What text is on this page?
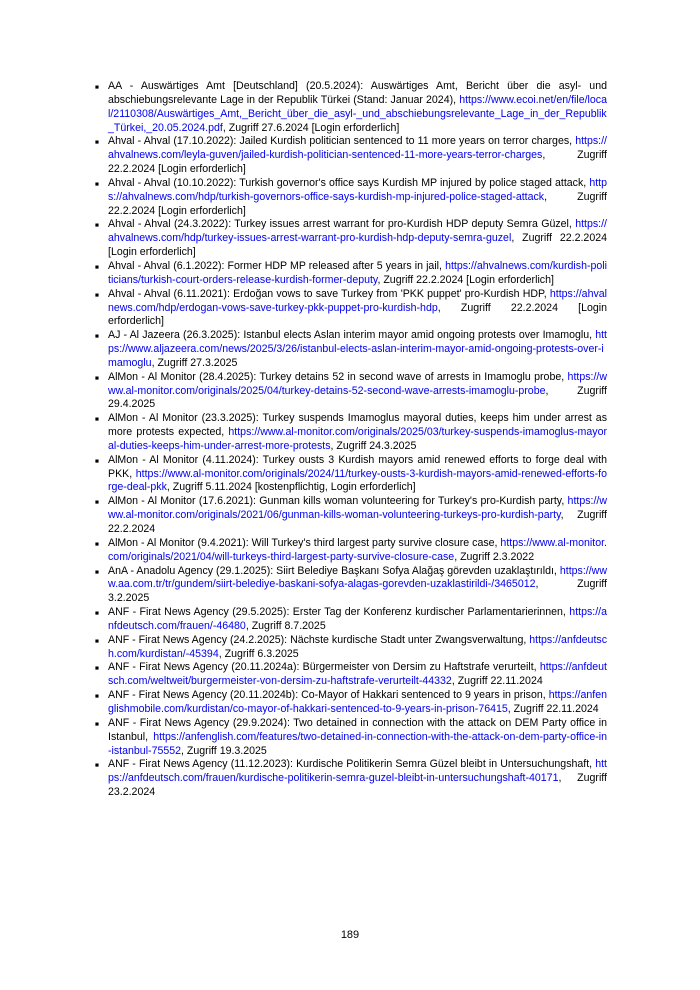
■ AA - Auswärtiges Amt [Deutschland] (20.5.2024): Auswärtiges Amt, Bericht über die asyl- und abschiebungsrelevante Lage in der Republik Türkei (Stand: Januar 2024), https://www.ecoi.net/en/file/local/2110308/Auswärtiges_Amt,_Bericht_über_die_asyl-_und_abschiebungsrelevante_Lage_in_der_Republik_Türkei,_20.05.2024.pdf, Zugriff 27.6.2024 [Login erforderlich]
■ Ahval - Ahval (17.10.2022): Jailed Kurdish politician sentenced to 11 more years on terror charges, https://ahvalnews.com/leyla-guven/jailed-kurdish-politician-sentenced-11-more-years-terror-charges, Zugriff 22.2.2024 [Login erforderlich]
■ Ahval - Ahval (10.10.2022): Turkish governor's office says Kurdish MP injured by police staged attack, https://ahvalnews.com/hdp/turkish-governors-office-says-kurdish-mp-injured-police-staged-attack, Zugriff 22.2.2024 [Login erforderlich]
■ Ahval - Ahval (24.3.2022): Turkey issues arrest warrant for pro-Kurdish HDP deputy Semra Güzel, https://ahvalnews.com/hdp/turkey-issues-arrest-warrant-pro-kurdish-hdp-deputy-semra-guzel, Zugriff 22.2.2024 [Login erforderlich]
■ Ahval - Ahval (6.1.2022): Former HDP MP released after 5 years in jail, https://ahvalnews.com/kurdish-politicians/turkish-court-orders-release-kurdish-former-deputy, Zugriff 22.2.2024 [Login erforderlich]
■ Ahval - Ahval (6.11.2021): Erdoğan vows to save Turkey from 'PKK puppet' pro-Kurdish HDP, https://ahvalnews.com/hdp/erdogan-vows-save-turkey-pkk-puppet-pro-kurdish-hdp, Zugriff 22.2.2024 [Login erforderlich]
■ AJ - Al Jazeera (26.3.2025): Istanbul elects Aslan interim mayor amid ongoing protests over Imamoglu, https://www.aljazeera.com/news/2025/3/26/istanbul-elects-aslan-interim-mayor-amid-ongoing-protests-over-imamoglu, Zugriff 27.3.2025
■ AlMon - Al Monitor (28.4.2025): Turkey detains 52 in second wave of arrests in Imamoglu probe, https://www.al-monitor.com/originals/2025/04/turkey-detains-52-second-wave-arrests-imamoglu-probe, Zugriff 29.4.2025
■ AlMon - Al Monitor (23.3.2025): Turkey suspends Imamoglus mayoral duties, keeps him under arrest as more protests expected, https://www.al-monitor.com/originals/2025/03/turkey-suspends-imamoglus-mayoral-duties-keeps-him-under-arrest-more-protests, Zugriff 24.3.2025
■ AlMon - Al Monitor (4.11.2024): Turkey ousts 3 Kurdish mayors amid renewed efforts to forge deal with PKK, https://www.al-monitor.com/originals/2024/11/turkey-ousts-3-kurdish-mayors-amid-renewed-efforts-forge-deal-pkk, Zugriff 5.11.2024 [kostenpflichtig, Login erforderlich]
■ AlMon - Al Monitor (17.6.2021): Gunman kills woman volunteering for Turkey's pro-Kurdish party, https://www.al-monitor.com/originals/2021/06/gunman-kills-woman-volunteering-turkeys-pro-kurdish-party, Zugriff 22.2.2024
■ AlMon - Al Monitor (9.4.2021): Will Turkey's third largest party survive closure case, https://www.al-monitor.com/originals/2021/04/will-turkeys-third-largest-party-survive-closure-case, Zugriff 2.3.2022
■ AnA - Anadolu Agency (29.1.2025): Siirt Belediye Başkanı Sofya Alağaş görevden uzaklaştırıldı, https://www.aa.com.tr/tr/gundem/siirt-belediye-baskani-sofya-alagas-gorevden-uzaklastirildi-/3465012, Zugriff 3.2.2025
■ ANF - Firat News Agency (29.5.2025): Erster Tag der Konferenz kurdischer Parlamentarierinnen, https://anfdeutsch.com/frauen/-46480, Zugriff 8.7.2025
■ ANF - Firat News Agency (24.2.2025): Nächste kurdische Stadt unter Zwangsverwaltung, https://anfdeutsch.com/kurdistan/-45394, Zugriff 6.3.2025
■ ANF - Firat News Agency (20.11.2024a): Bürgermeister von Dersim zu Haftstrafe verurteilt, https://anfdeutsch.com/weltweit/burgermeister-von-dersim-zu-haftstrafe-verurteilt-44332, Zugriff 22.11.2024
■ ANF - Firat News Agency (20.11.2024b): Co-Mayor of Hakkari sentenced to 9 years in prison, https://anfenglishmobile.com/kurdistan/co-mayor-of-hakkari-sentenced-to-9-years-in-prison-76415, Zugriff 22.11.2024
■ ANF - Firat News Agency (29.9.2024): Two detained in connection with the attack on DEM Party office in Istanbul, https://anfenglish.com/features/two-detained-in-connection-with-the-attack-on-dem-party-office-in-istanbul-75552, Zugriff 19.3.2025
■ ANF - Firat News Agency (11.12.2023): Kurdische Politikerin Semra Güzel bleibt in Untersuchungshaft, https://anfdeutsch.com/frauen/kurdische-politikerin-semra-guzel-bleibt-in-untersuchungshaft-40171, Zugriff 23.2.2024
189
